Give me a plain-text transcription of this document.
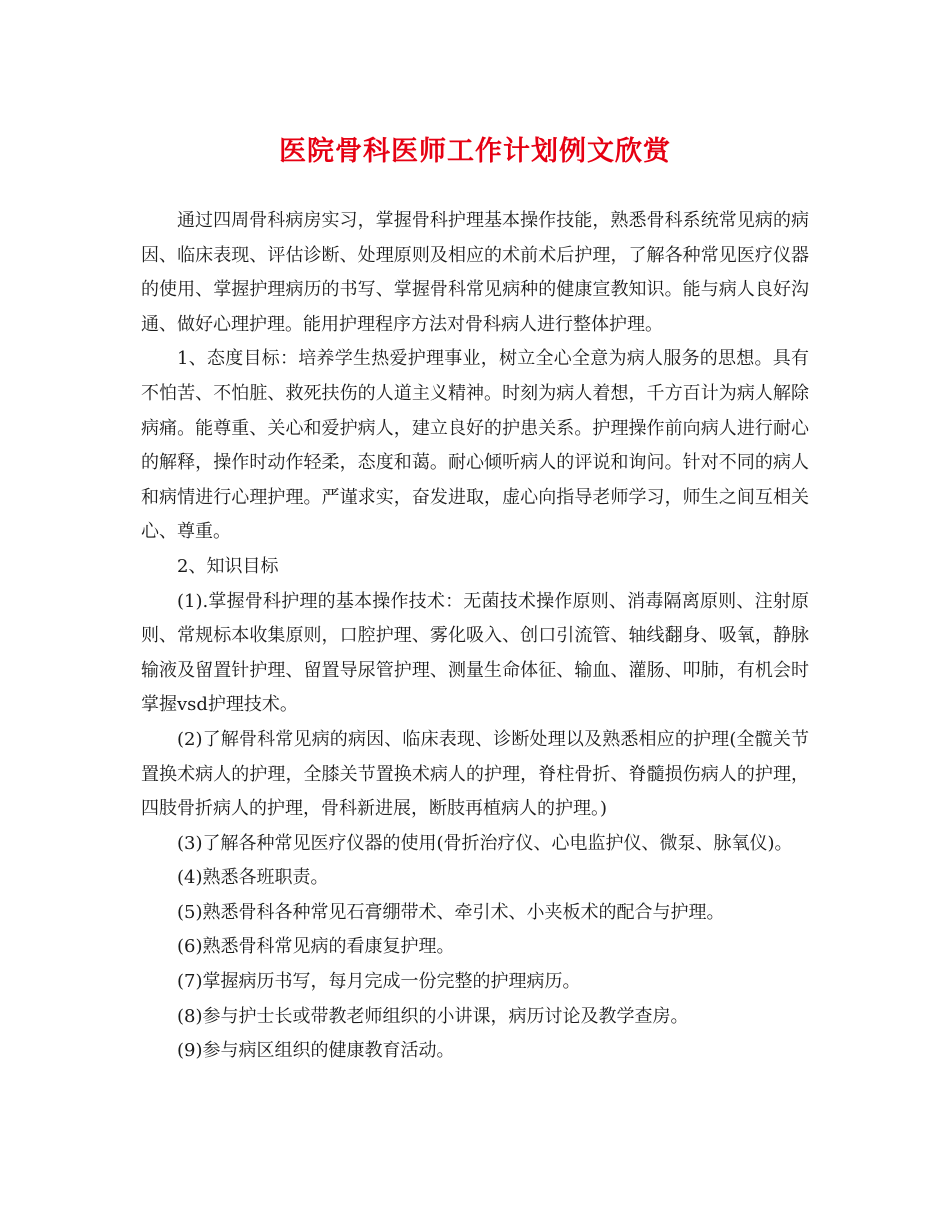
医院骨科医师工作计划例文欣赏

通过四周骨科病房实习，掌握骨科护理基本操作技能，熟悉骨科系统常见病的病因、临床表现、评估诊断、处理原则及相应的术前术后护理，了解各种常见医疗仪器的使用、掌握护理病历的书写、掌握骨科常见病种的健康宣教知识。能与病人良好沟通、做好心理护理。能用护理程序方法对骨科病人进行整体护理。

1、态度目标：培养学生热爱护理事业，树立全心全意为病人服务的思想。具有不怕苦、不怕脏、救死扶伤的人道主义精神。时刻为病人着想，千方百计为病人解除病痛。能尊重、关心和爱护病人，建立良好的护患关系。护理操作前向病人进行耐心的解释，操作时动作轻柔，态度和蔼。耐心倾听病人的评说和询问。针对不同的病人和病情进行心理护理。严谨求实，奋发进取，虚心向指导老师学习，师生之间互相关心、尊重。

2、知识目标

(1).掌握骨科护理的基本操作技术：无菌技术操作原则、消毒隔离原则、注射原则、常规标本收集原则，口腔护理、雾化吸入、创口引流管、轴线翻身、吸氧，静脉输液及留置针护理、留置导尿管护理、测量生命体征、输血、灌肠、叩肺，有机会时掌握vsd护理技术。

(2)了解骨科常见病的病因、临床表现、诊断处理以及熟悉相应的护理(全髋关节置换术病人的护理，全膝关节置换术病人的护理，脊柱骨折、脊髓损伤病人的护理，四肢骨折病人的护理，骨科新进展，断肢再植病人的护理。)

(3)了解各种常见医疗仪器的使用(骨折治疗仪、心电监护仪、微泵、脉氧仪)。

(4)熟悉各班职责。

(5)熟悉骨科各种常见石膏绷带术、牵引术、小夹板术的配合与护理。

(6)熟悉骨科常见病的看康复护理。

(7)掌握病历书写，每月完成一份完整的护理病历。

(8)参与护士长或带教老师组织的小讲课，病历讨论及教学查房。

(9)参与病区组织的健康教育活动。
